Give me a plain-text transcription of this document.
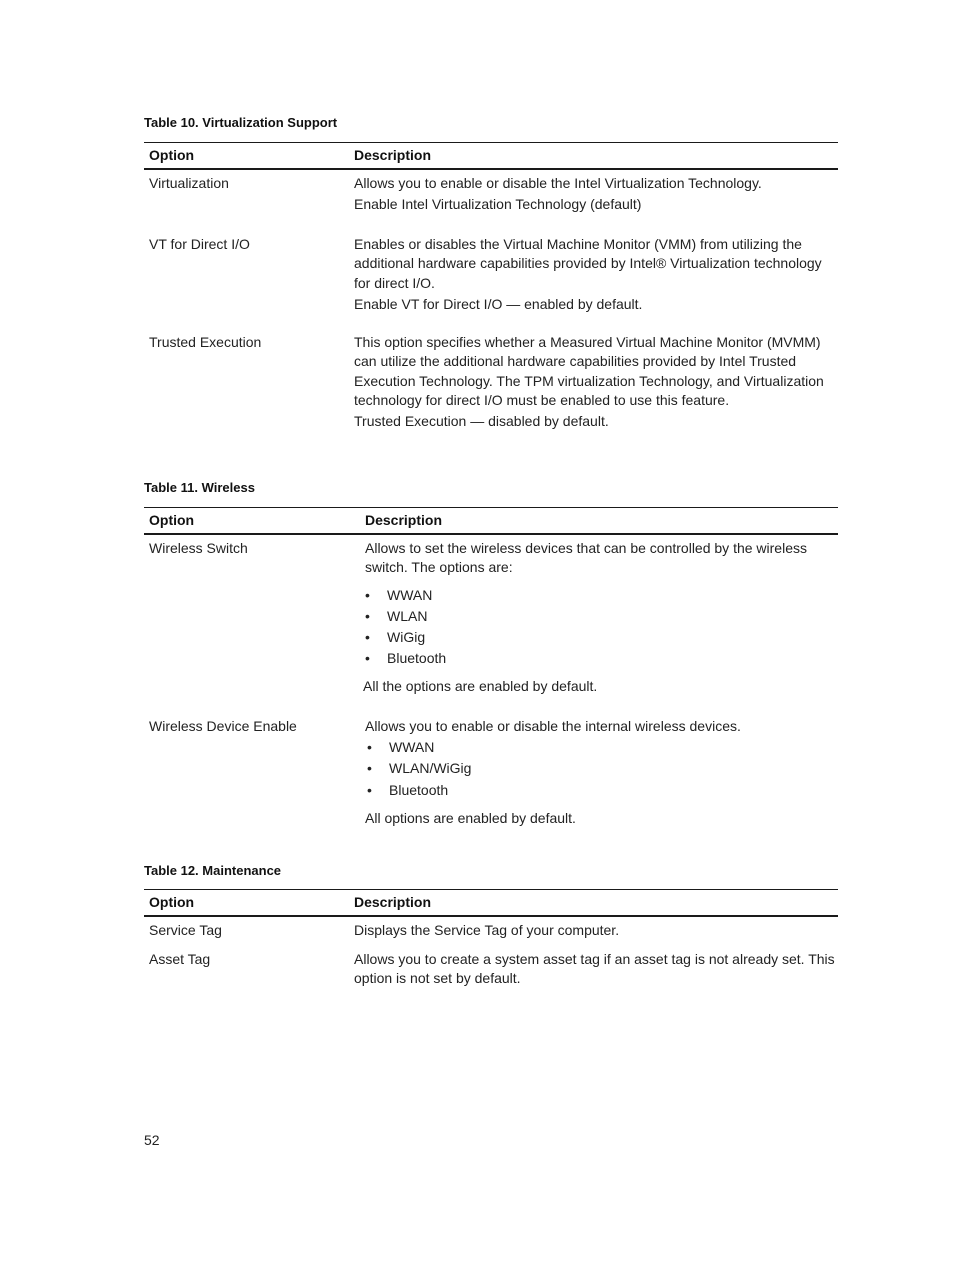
Table 10. Virtualization Support
Option	Description
Virtualization	Allows you to enable or disable the Intel Virtualization Technology.

Enable Intel Virtualization Technology (default)

VT for Direct I/O	Enables or disables the Virtual Machine Monitor (VMM) from utilizing the additional hardware capabilities provided by Intel® Virtualization technology for direct I/O.

Enable VT for Direct I/O — enabled by default.

Trusted Execution	This option specifies whether a Measured Virtual Machine Monitor (MVMM) can utilize the additional hardware capabilities provided by Intel Trusted Execution Technology. The TPM virtualization Technology, and Virtualization technology for direct I/O must be enabled to use this feature.

Trusted Execution — disabled by default.

Table 11. Wireless
Option	Description
Wireless Switch	Allows to set the wireless devices that can be controlled by the wireless switch. The options are:

• WWAN
• WLAN
• WiGig
• Bluetooth

All the options are enabled by default.

Wireless Device Enable	Allows you to enable or disable the internal wireless devices.

• WWAN
• WLAN/WiGig
• Bluetooth

All options are enabled by default.

Table 12. Maintenance
Option	Description
Service Tag	Displays the Service Tag of your computer.

Asset Tag	Allows you to create a system asset tag if an asset tag is not already set. This option is not set by default.

52
